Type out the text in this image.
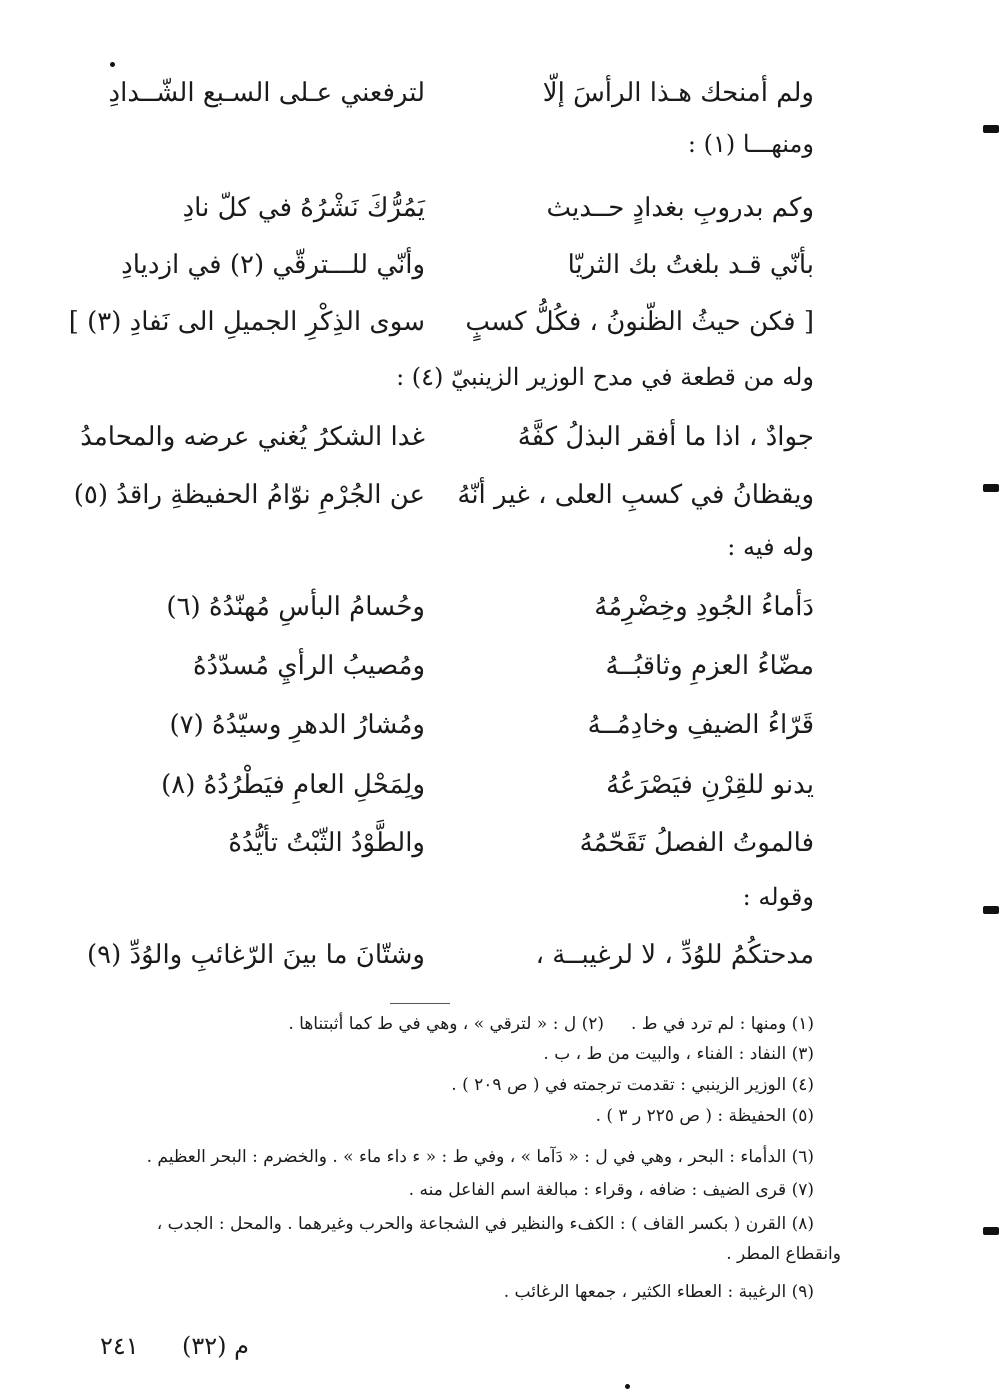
ولم أمنحك هـذا الرأسَ إلّا
لترفعني عـلى السـبع الشّــدادِ
ومنهـــا (١) :
وكم بدروبِ بغدادٍ حــديث
يَمُرُّكَ نَشْرُهُ في كلّ نادِ
بأنّي قـد بلغتُ بك الثريّا
وأنّي للـــترقّي (٢) في ازديادِ
[ فكن حيثُ الظّنونُ ، فكُلُّ كسبٍ
سوى الذِكْرِ الجميلِ الى نَفادِ (٣) ]
وله من قطعة في مدح الوزير الزينبيّ (٤) :
جوادٌ ، اذا ما أفقر البذلُ كفَّهُ
غدا الشكرُ يُغني عرضه والمحامدُ
ويقظانُ في كسبِ العلى ، غير أنّهُ
عن الجُرْمِ نوّامُ الحفيظةِ راقدُ (٥)
وله فيه :
دَأماءُ الجُودِ وخِضْرِمُهُ
وحُسامُ البأسِ مُهنّدُهُ (٦)
مضّاءُ العزمِ وثاقبُــهُ
ومُصيبُ الرأيِ مُسدّدُهُ
قَرّاءُ الضيفِ وخادِمُــهُ
ومُشارُ الدهرِ وسيّدُهُ (٧)
يدنو للقِرْنِ فيَصْرَعُهُ
ولِمَحْلِ العامِ فيَطْرُدُهُ (٨)
فالموتُ الفصلُ تَقَحّمُهُ
والطَّوْدُ الثّبْتُ تأيُّدُهُ
وقوله :
مدحتكُمُ للوُدِّ ، لا لرغيبــة ،
وشتّانَ ما بينَ الرّغائبِ والوُدِّ (٩)
(١) ومنها : لم ترد في ط .
(٢) ل : « لترقي » ، وهي في ط كما أثبتناها .
(٣) النفاد : الفناء ، والبيت من ط ، ب .
(٤) الوزير الزينبي : تقدمت ترجمته في ( ص ٢٠٩ ) .
(٥) الحفيظة : ( ص ٢٢٥ ر ٣ ) .
(٦) الدأماء : البحر ، وهي في ل : « دَآما » ، وفي ط : « ء داء ماء » . والخضرم : البحر العظيم .
(٧) قرى الضيف : ضافه ، وقراء : مبالغة اسم الفاعل منه .
(٨) القرن ( بكسر القاف ) : الكفء والنظير في الشجاعة والحرب وغيرهما . والمحل : الجدب ،
وانقطاع المطر .
(٩) الرغيبة : العطاء الكثير ، جمعها الرغائب .
م (٣٢)
٢٤١
